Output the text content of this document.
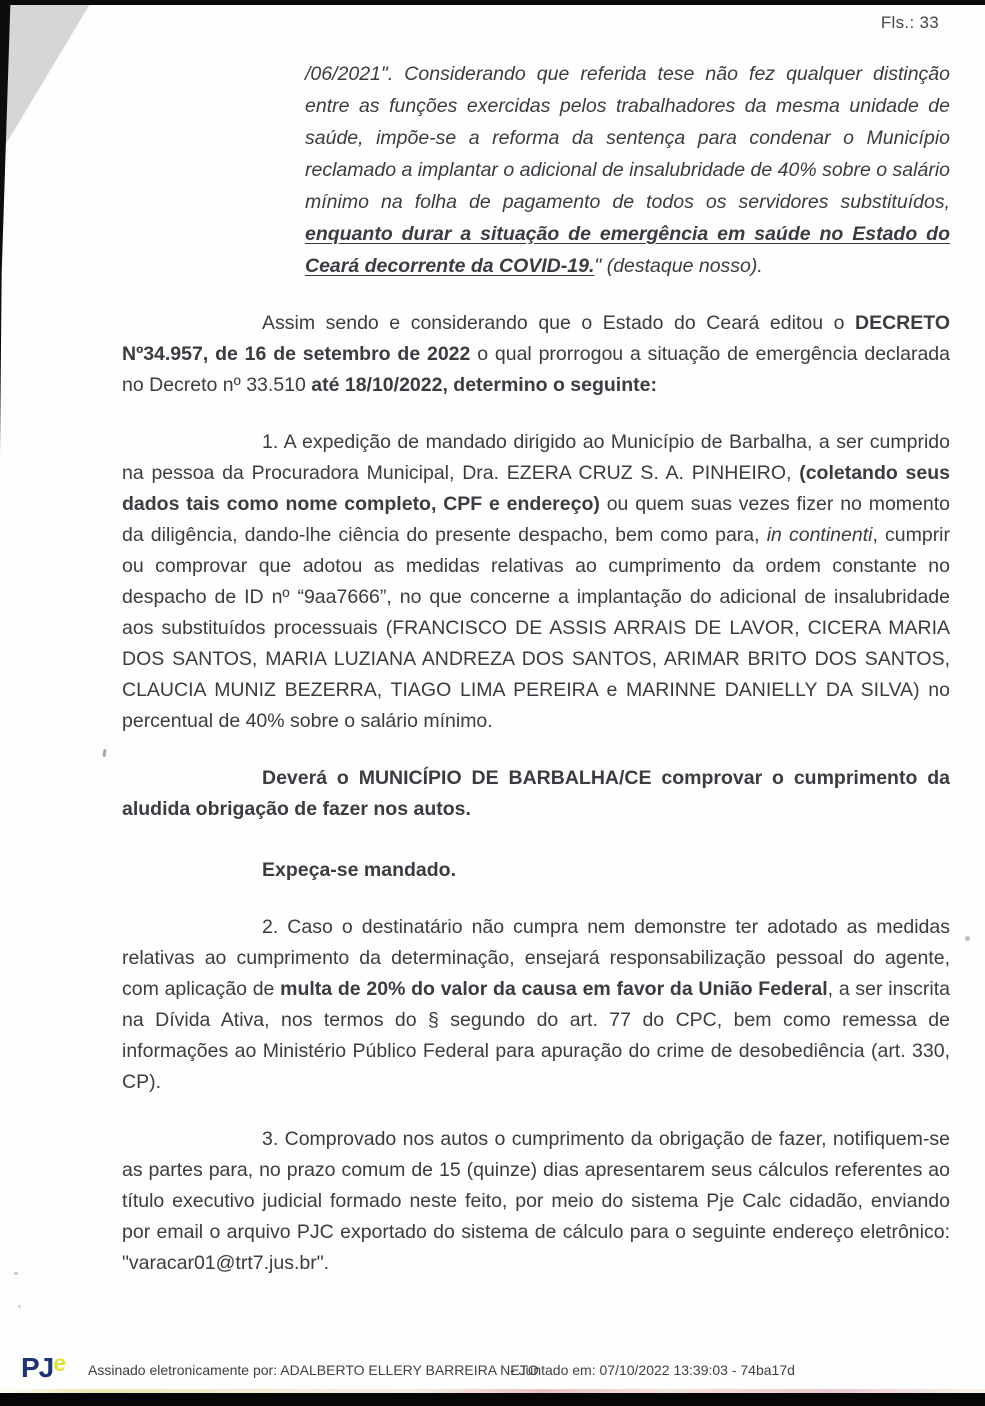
Fls.: 33

/06/2021". Considerando que referida tese não fez qualquer distinção entre as funções exercidas pelos trabalhadores da mesma unidade de saúde, impõe-se a reforma da sentença para condenar o Município reclamado a implantar o adicional de insalubridade de 40% sobre o salário mínimo na folha de pagamento de todos os servidores substituídos, enquanto durar a situação de emergência em saúde no Estado do Ceará decorrente da COVID-19." (destaque nosso).

Assim sendo e considerando que o Estado do Ceará editou o DECRETO Nº34.957, de 16 de setembro de 2022 o qual prorrogou a situação de emergência declarada no Decreto nº 33.510 até 18/10/2022, determino o seguinte:

1. A expedição de mandado dirigido ao Município de Barbalha, a ser cumprido na pessoa da Procuradora Municipal, Dra. EZERA CRUZ S. A. PINHEIRO, (coletando seus dados tais como nome completo, CPF e endereço) ou quem suas vezes fizer no momento da diligência, dando-lhe ciência do presente despacho, bem como para, in continenti, cumprir ou comprovar que adotou as medidas relativas ao cumprimento da ordem constante no despacho de ID nº “9aa7666”, no que concerne a implantação do adicional de insalubridade aos substituídos processuais (FRANCISCO DE ASSIS ARRAIS DE LAVOR, CICERA MARIA DOS SANTOS, MARIA LUZIANA ANDREZA DOS SANTOS, ARIMAR BRITO DOS SANTOS, CLAUCIA MUNIZ BEZERRA, TIAGO LIMA PEREIRA e MARINNE DANIELLY DA SILVA) no percentual de 40% sobre o salário mínimo.

Deverá o MUNICÍPIO DE BARBALHA/CE comprovar o cumprimento da aludida obrigação de fazer nos autos.

Expeça-se mandado.

2. Caso o destinatário não cumpra nem demonstre ter adotado as medidas relativas ao cumprimento da determinação, ensejará responsabilização pessoal do agente, com aplicação de multa de 20% do valor da causa em favor da União Federal, a ser inscrita na Dívida Ativa, nos termos do § segundo do art. 77 do CPC, bem como remessa de informações ao Ministério Público Federal para apuração do crime de desobediência (art. 330, CP).

3. Comprovado nos autos o cumprimento da obrigação de fazer, notifiquem-se as partes para, no prazo comum de 15 (quinze) dias apresentarem seus cálculos referentes ao título executivo judicial formado neste feito, por meio do sistema Pje Calc cidadão, enviando por email o arquivo PJC exportado do sistema de cálculo para o seguinte endereço eletrônico: "varacar01@trt7.jus.br".

PJe Assinado eletronicamente por: ADALBERTO ELLERY BARREIRA NETO
- Juntado em: 07/10/2022 13:39:03 - 74ba17d
